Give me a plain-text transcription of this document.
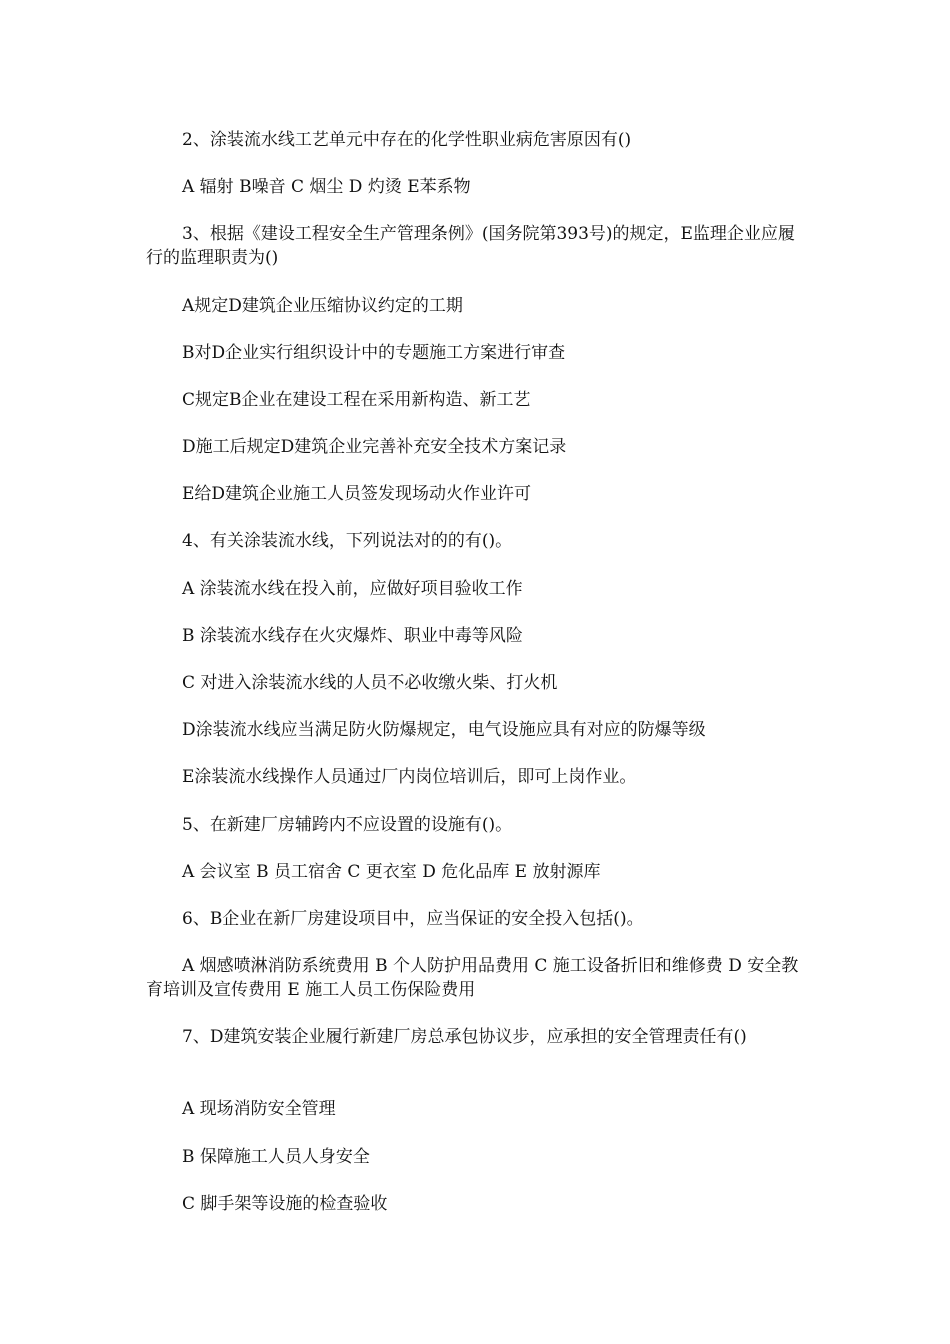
2、涂装流水线工艺单元中存在的化学性职业病危害原因有()
A 辐射 B噪音 C 烟尘 D 灼烫 E苯系物
3、根据《建设工程安全生产管理条例》(国务院第393号)的规定，E监理企业应履行的监理职责为()
A规定D建筑企业压缩协议约定的工期
B对D企业实行组织设计中的专题施工方案进行审查
C规定B企业在建设工程在采用新构造、新工艺
D施工后规定D建筑企业完善补充安全技术方案记录
E给D建筑企业施工人员签发现场动火作业许可
4、有关涂装流水线，下列说法对的的有()。
A 涂装流水线在投入前，应做好项目验收工作
B 涂装流水线存在火灾爆炸、职业中毒等风险
C 对进入涂装流水线的人员不必收缴火柴、打火机
D涂装流水线应当满足防火防爆规定，电气设施应具有对应的防爆等级
E涂装流水线操作人员通过厂内岗位培训后，即可上岗作业。
5、在新建厂房辅跨内不应设置的设施有()。
A 会议室 B 员工宿舍 C 更衣室 D 危化品库 E 放射源库
6、B企业在新厂房建设项目中，应当保证的安全投入包括()。
A 烟感喷淋消防系统费用 B 个人防护用品费用 C 施工设备折旧和维修费 D 安全教育培训及宣传费用 E 施工人员工伤保险费用
7、D建筑安装企业履行新建厂房总承包协议步，应承担的安全管理责任有()
A 现场消防安全管理
B 保障施工人员人身安全
C 脚手架等设施的检查验收
